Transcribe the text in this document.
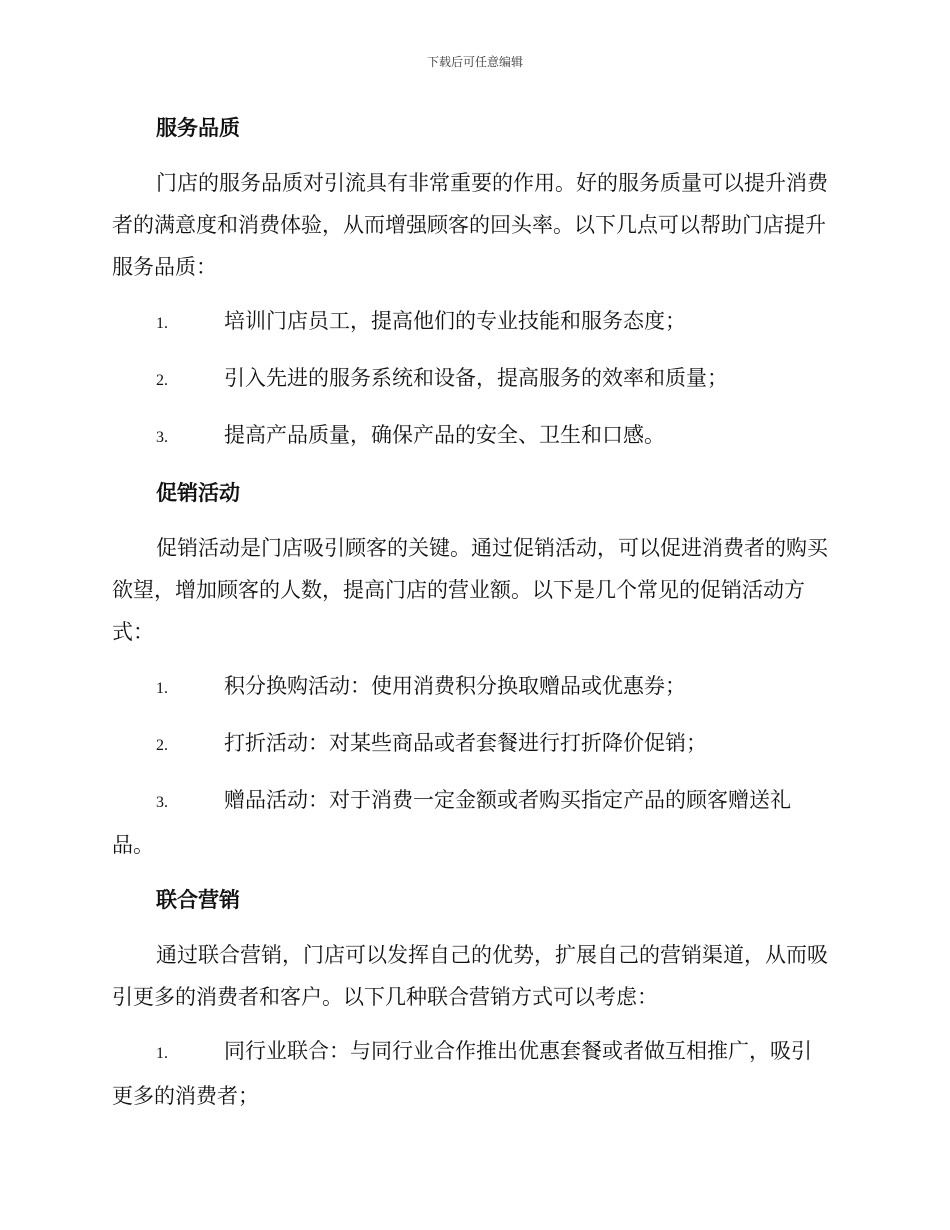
下载后可任意编辑
服务品质

门店的服务品质对引流具有非常重要的作用。好的服务质量可以提升消费者的满意度和消费体验，从而增强顾客的回头率。以下几点可以帮助门店提升服务品质：

1.	培训门店员工，提高他们的专业技能和服务态度；

2.	引入先进的服务系统和设备，提高服务的效率和质量；

3.	提高产品质量，确保产品的安全、卫生和口感。

促销活动

促销活动是门店吸引顾客的关键。通过促销活动，可以促进消费者的购买欲望，增加顾客的人数，提高门店的营业额。以下是几个常见的促销活动方式：

1.	积分换购活动：使用消费积分换取赠品或优惠券；

2.	打折活动：对某些商品或者套餐进行打折降价促销；

3.	赠品活动：对于消费一定金额或者购买指定产品的顾客赠送礼品。

联合营销

通过联合营销，门店可以发挥自己的优势，扩展自己的营销渠道，从而吸引更多的消费者和客户。以下几种联合营销方式可以考虑：

1.	同行业联合：与同行业合作推出优惠套餐或者做互相推广，吸引更多的消费者；
